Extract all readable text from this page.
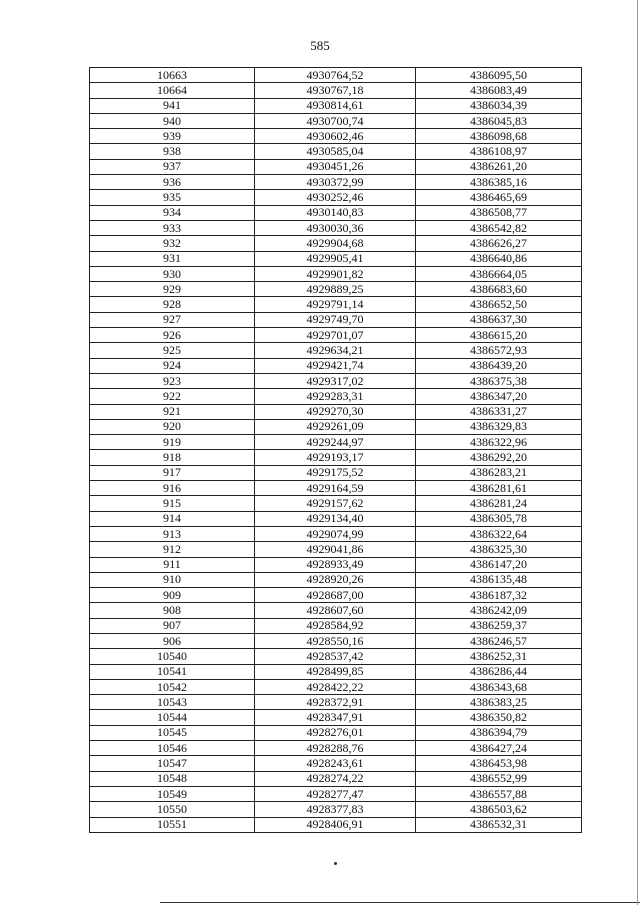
585
10663	4930764,52	4386095,50
10664	4930767,18	4386083,49
941	4930814,61	4386034,39
940	4930700,74	4386045,83
939	4930602,46	4386098,68
938	4930585,04	4386108,97
937	4930451,26	4386261,20
936	4930372,99	4386385,16
935	4930252,46	4386465,69
934	4930140,83	4386508,77
933	4930030,36	4386542,82
932	4929904,68	4386626,27
931	4929905,41	4386640,86
930	4929901,82	4386664,05
929	4929889,25	4386683,60
928	4929791,14	4386652,50
927	4929749,70	4386637,30
926	4929701,07	4386615,20
925	4929634,21	4386572,93
924	4929421,74	4386439,20
923	4929317,02	4386375,38
922	4929283,31	4386347,20
921	4929270,30	4386331,27
920	4929261,09	4386329,83
919	4929244,97	4386322,96
918	4929193,17	4386292,20
917	4929175,52	4386283,21
916	4929164,59	4386281,61
915	4929157,62	4386281,24
914	4929134,40	4386305,78
913	4929074,99	4386322,64
912	4929041,86	4386325,30
911	4928933,49	4386147,20
910	4928920,26	4386135,48
909	4928687,00	4386187,32
908	4928607,60	4386242,09
907	4928584,92	4386259,37
906	4928550,16	4386246,57
10540	4928537,42	4386252,31
10541	4928499,85	4386286,44
10542	4928422,22	4386343,68
10543	4928372,91	4386383,25
10544	4928347,91	4386350,82
10545	4928276,01	4386394,79
10546	4928288,76	4386427,24
10547	4928243,61	4386453,98
10548	4928274,22	4386552,99
10549	4928277,47	4386557,88
10550	4928377,83	4386503,62
10551	4928406,91	4386532,31
